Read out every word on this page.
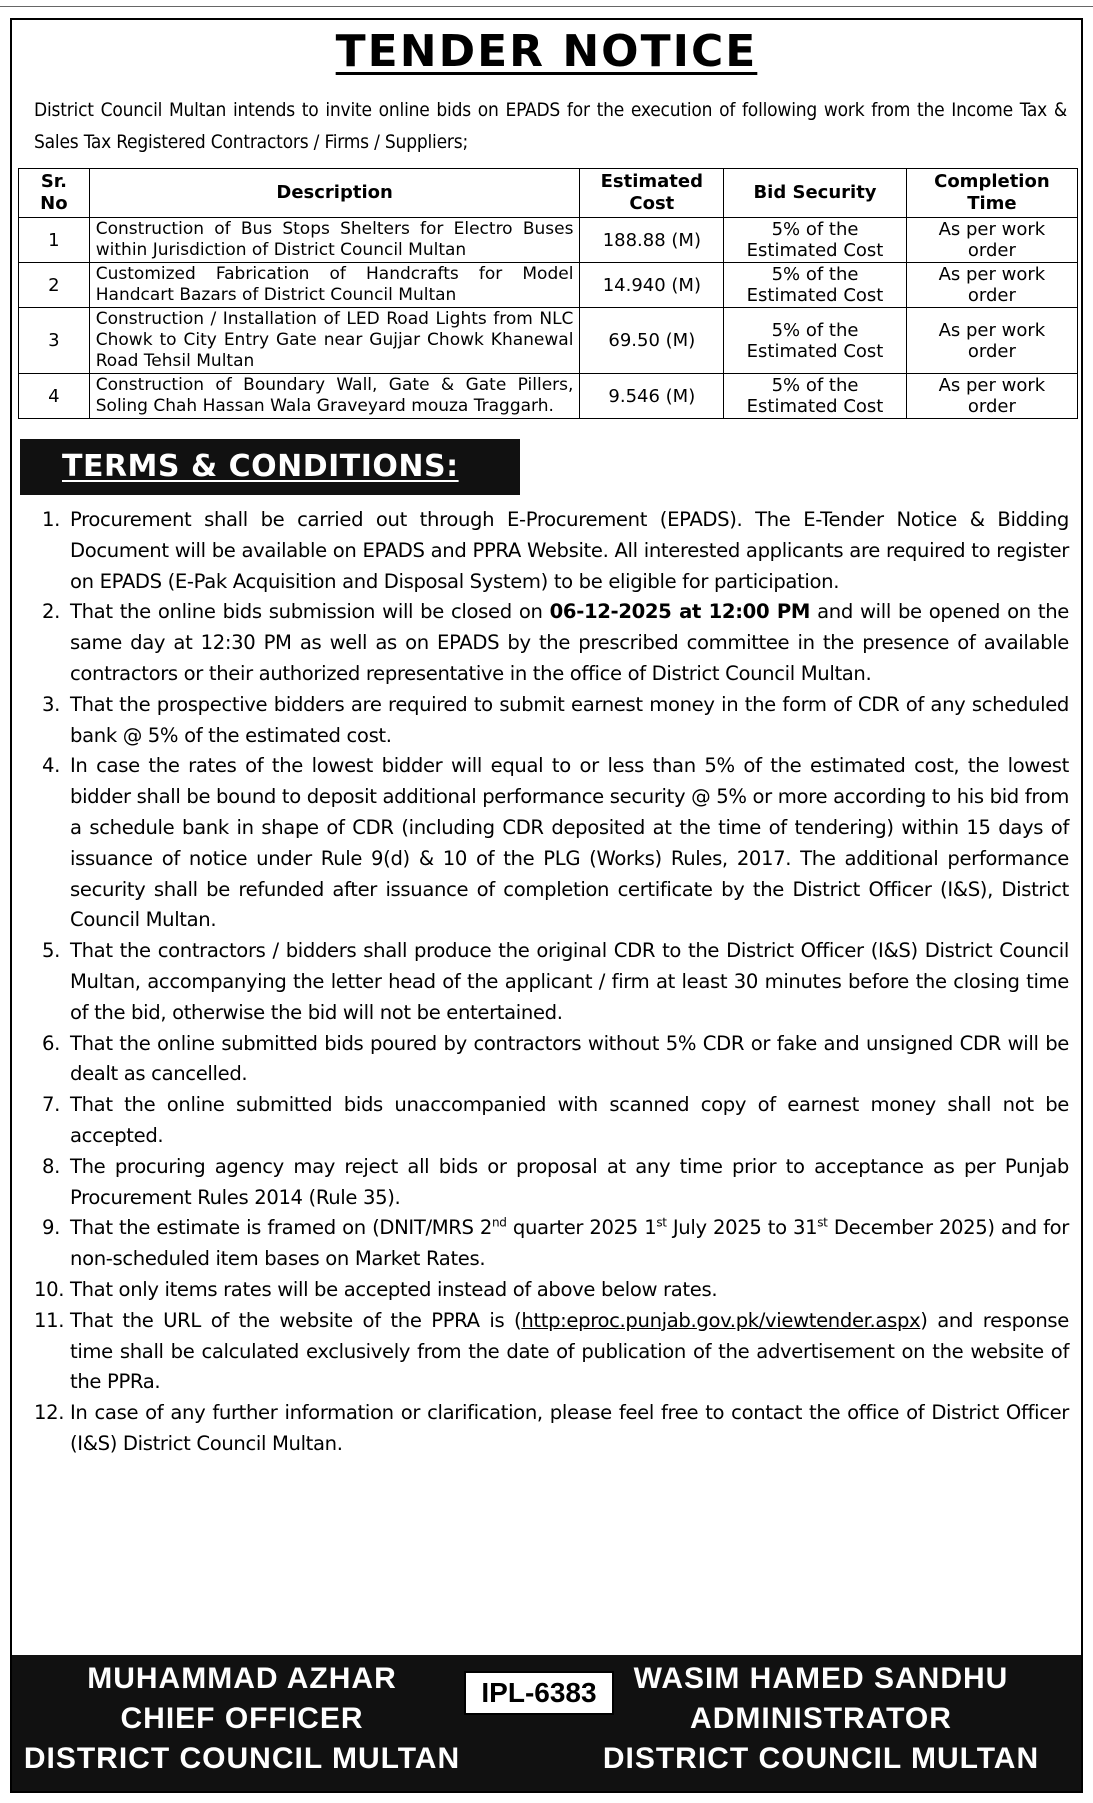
TENDER NOTICE
District Council Multan intends to invite online bids on EPADS for the execution of following work from the Income Tax & Sales Tax Registered Contractors / Firms / Suppliers;
Sr. No	Description	Estimated Cost	Bid Security	Completion Time
1	Construction of Bus Stops Shelters for Electro Buses within Jurisdiction of District Council Multan	188.88 (M)	5% of the Estimated Cost	As per work order
2	Customized Fabrication of Handcrafts for Model Handcart Bazars of District Council Multan	14.940 (M)	5% of the Estimated Cost	As per work order
3	Construction / Installation of LED Road Lights from NLC Chowk to City Entry Gate near Gujjar Chowk Khanewal Road Tehsil Multan	69.50 (M)	5% of the Estimated Cost	As per work order
4	Construction of Boundary Wall, Gate & Gate Pillers, Soling Chah Hassan Wala Graveyard mouza Traggarh.	9.546 (M)	5% of the Estimated Cost	As per work order
TERMS & CONDITIONS:
1. Procurement shall be carried out through E-Procurement (EPADS). The E-Tender Notice & Bidding Document will be available on EPADS and PPRA Website. All interested applicants are required to register on EPADS (E-Pak Acquisition and Disposal System) to be eligible for participation.
2. That the online bids submission will be closed on 06-12-2025 at 12:00 PM and will be opened on the same day at 12:30 PM as well as on EPADS by the prescribed committee in the presence of available contractors or their authorized representative in the office of District Council Multan.
3. That the prospective bidders are required to submit earnest money in the form of CDR of any scheduled bank @ 5% of the estimated cost.
4. In case the rates of the lowest bidder will equal to or less than 5% of the estimated cost, the lowest bidder shall be bound to deposit additional performance security @ 5% or more according to his bid from a schedule bank in shape of CDR (including CDR deposited at the time of tendering) within 15 days of issuance of notice under Rule 9(d) & 10 of the PLG (Works) Rules, 2017. The additional performance security shall be refunded after issuance of completion certificate by the District Officer (I&S), District Council Multan.
5. That the contractors / bidders shall produce the original CDR to the District Officer (I&S) District Council Multan, accompanying the letter head of the applicant / firm at least 30 minutes before the closing time of the bid, otherwise the bid will not be entertained.
6. That the online submitted bids poured by contractors without 5% CDR or fake and unsigned CDR will be dealt as cancelled.
7. That the online submitted bids unaccompanied with scanned copy of earnest money shall not be accepted.
8. The procuring agency may reject all bids or proposal at any time prior to acceptance as per Punjab Procurement Rules 2014 (Rule 35).
9. That the estimate is framed on (DNIT/MRS 2nd quarter 2025 1st July 2025 to 31st December 2025) and for non-scheduled item bases on Market Rates.
10. That only items rates will be accepted instead of above below rates.
11. That the URL of the website of the PPRA is (http:eproc.punjab.gov.pk/viewtender.aspx) and response time shall be calculated exclusively from the date of publication of the advertisement on the website of the PPRa.
12. In case of any further information or clarification, please feel free to contact the office of District Officer (I&S) District Council Multan.
MUHAMMAD AZHAR
CHIEF OFFICER
DISTRICT COUNCIL MULTAN
IPL-6383	WASIM HAMED SANDHU
ADMINISTRATOR
DISTRICT COUNCIL MULTAN
